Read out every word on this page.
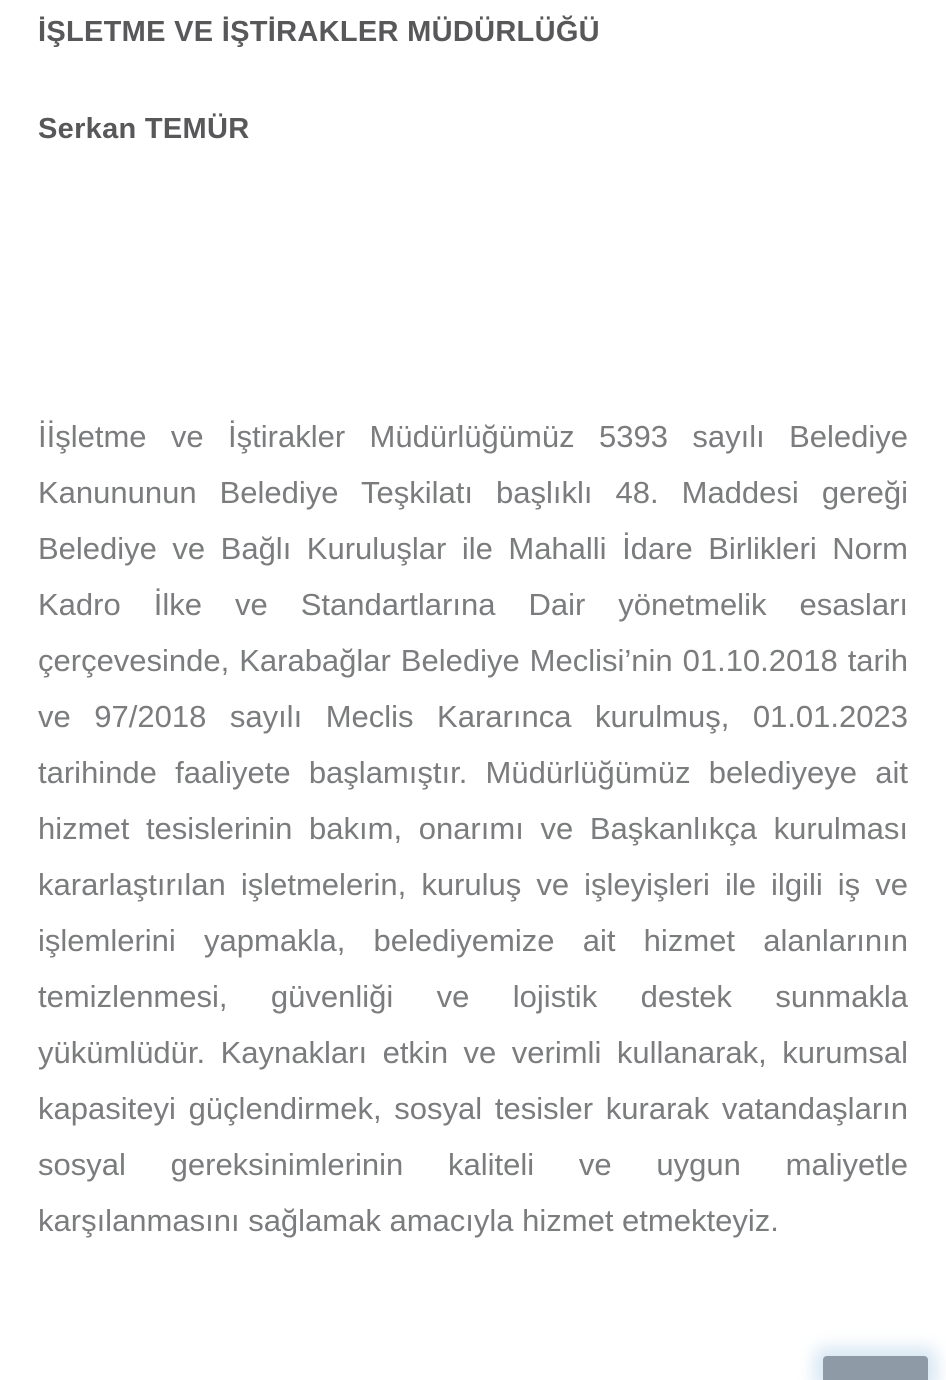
İŞLETME VE İŞTİRAKLER MÜDÜRLÜĞÜ
Serkan TEMÜR

İİşletme ve İştirakler Müdürlüğümüz 5393 sayılı Belediye Kanununun Belediye Teşkilatı başlıklı 48. Maddesi gereği Belediye ve Bağlı Kuruluşlar ile Mahalli İdare Birlikleri Norm Kadro İlke ve Standartlarına Dair yönetmelik esasları çerçevesinde, Karabağlar Belediye Meclisi’nin 01.10.2018 tarih ve 97/2018 sayılı Meclis Kararınca kurulmuş, 01.01.2023 tarihinde faaliyete başlamıştır. Müdürlüğümüz belediyeye ait hizmet tesislerinin bakım, onarımı ve Başkanlıkça kurulması kararlaştırılan işletmelerin, kuruluş ve işleyişleri ile ilgili iş ve işlemlerini yapmakla, belediyemize ait hizmet alanlarının temizlenmesi, güvenliği ve lojistik destek sunmakla yükümlüdür. Kaynakları etkin ve verimli kullanarak, kurumsal kapasiteyi güçlendirmek, sosyal tesisler kurarak vatandaşların sosyal gereksinimlerinin kaliteli ve uygun maliyetle karşılanmasını sağlamak amacıyla hizmet etmekteyiz.
